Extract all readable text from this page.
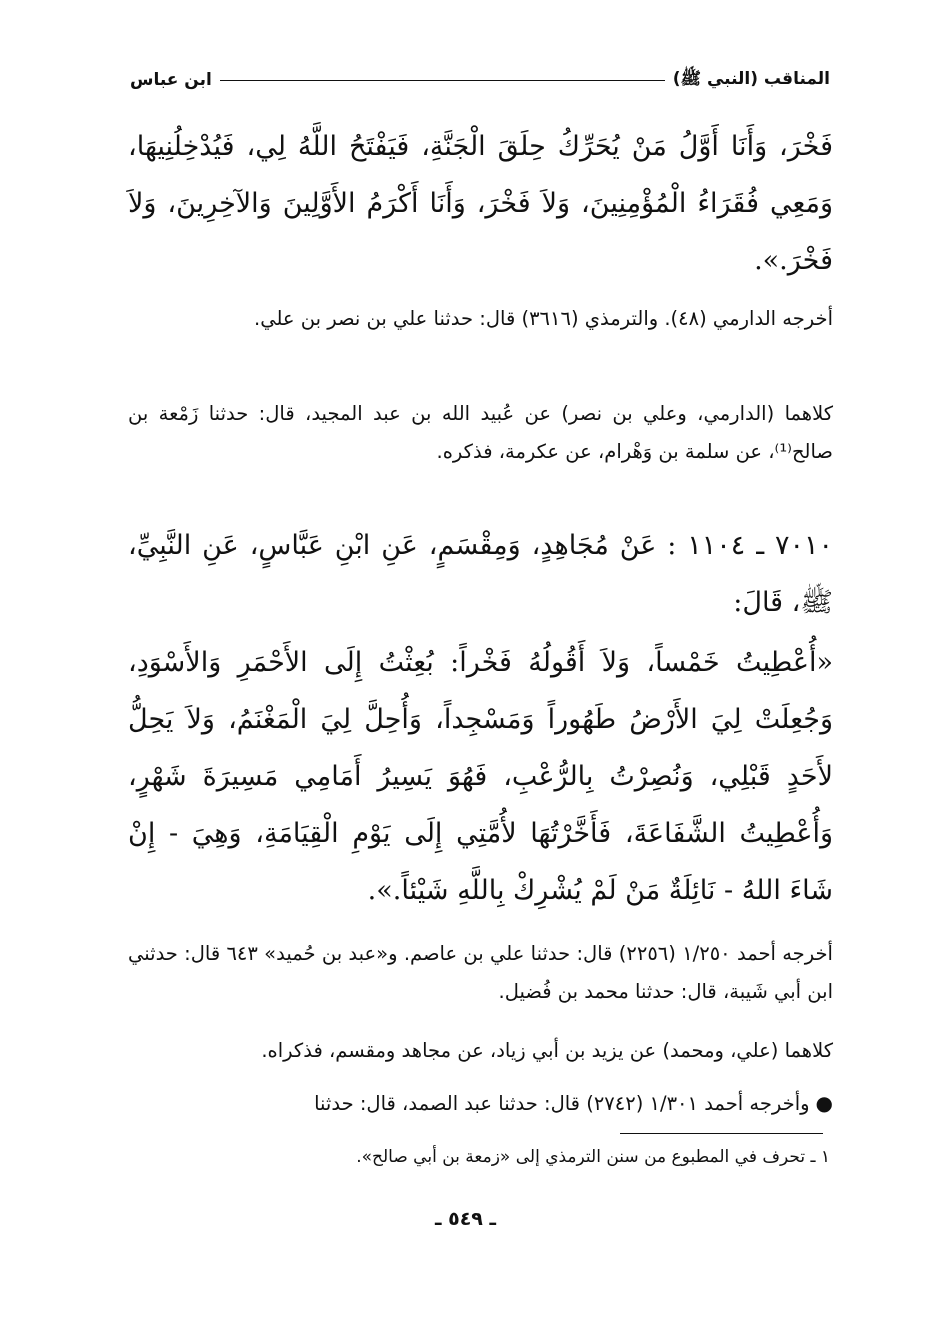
المناقب (النبي ﷺ)
ابن عباس
فَخْرَ، وَأَنَا أَوَّلُ مَنْ يُحَرِّكُ حِلَقَ الْجَنَّةِ، فَيَفْتَحُ اللَّهُ لِي، فَيُدْخِلُنِيهَا، وَمَعِي فُقَرَاءُ الْمُؤْمِنِينَ، وَلاَ فَخْرَ، وَأَنَا أَكْرَمُ الأَوَّلِينَ وَالآخِرِينَ، وَلاَ فَخْرَ.».
أخرجه الدارمي (٤٨). والترمذي (٣٦١٦) قال: حدثنا علي بن نصر بن علي.
كلاهما (الدارمي، وعلي بن نصر) عن عُبيد الله بن عبد المجيد، قال: حدثنا زَمْعة بن صالح⁽¹⁾، عن سلمة بن وَهْرام، عن عكرمة، فذكره.
٧٠١٠ ـ ١١٠٤ : عَنْ مُجَاهِدٍ، وَمِقْسَمٍ، عَنِ ابْنِ عَبَّاسٍ، عَنِ النَّبِيِّ، ﷺ، قَالَ:
«أُعْطِيتُ خَمْساً، وَلاَ أَقُولُهُ فَخْراً: بُعِثْتُ إِلَى الأَحْمَرِ وَالأَسْوَدِ، وَجُعِلَتْ لِيَ الأَرْضُ طَهُوراً وَمَسْجِداً، وَأُحِلَّ لِيَ الْمَغْنَمُ، وَلاَ يَحِلُّ لأَحَدٍ قَبْلِي، وَنُصِرْتُ بِالرُّعْبِ، فَهُوَ يَسِيرُ أَمَامِي مَسِيرَةَ شَهْرٍ، وَأُعْطِيتُ الشَّفَاعَةَ، فَأَخَّرْتُهَا لأُمَّتِي إِلَى يَوْمِ الْقِيَامَةِ، وَهِيَ - إِنْ شَاءَ اللهُ - نَائِلَةٌ مَنْ لَمْ يُشْرِكْ بِاللَّهِ شَيْئاً.».
أخرجه أحمد ١/٢٥٠ (٢٢٥٦) قال: حدثنا علي بن عاصم. و«عبد بن حُميد» ٦٤٣ قال: حدثني ابن أبي شَيبة، قال: حدثنا محمد بن فُضيل.
كلاهما (علي، ومحمد) عن يزيد بن أبي زياد، عن مجاهد ومقسم، فذكراه.
●وأخرجه أحمد ١/٣٠١ (٢٧٤٢) قال: حدثنا عبد الصمد، قال: حدثنا
١ ـ تحرف في المطبوع من سنن الترمذي إلى «زمعة بن أبي صالح».
ـ ٥٤٩ ـ
